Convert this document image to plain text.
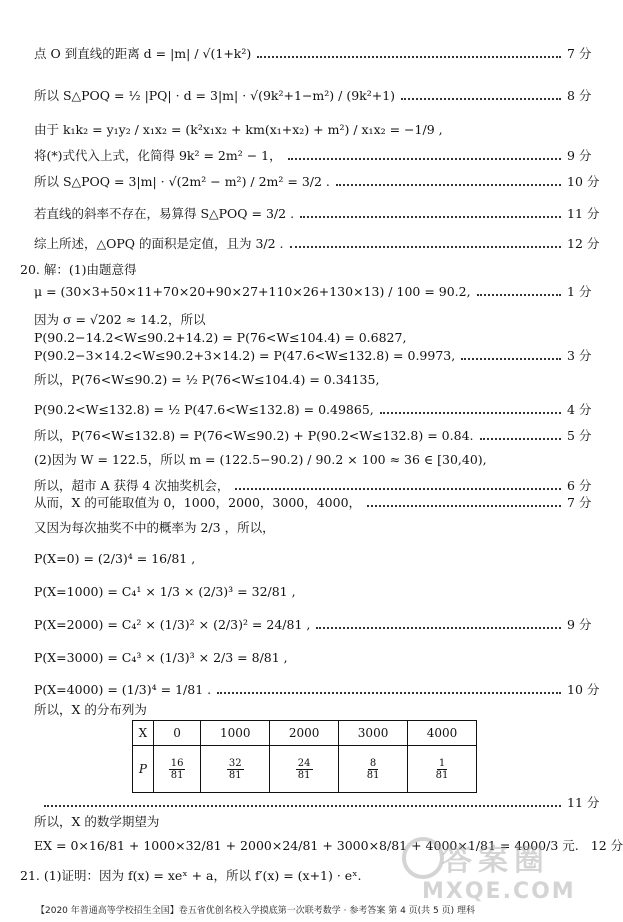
点 O 到直线的距离 d = |m| / √(1+k²)	7 分
所以 S△POQ = ½ |PQ| · d = 3|m| · √(9k²+1−m²) / (9k²+1)	8 分
由于 k₁k₂ = y₁y₂ / x₁x₂ = (k²x₁x₂ + km(x₁+x₂) + m²) / x₁x₂ = −1/9 ,
将(*)式代入上式，化简得 9k² = 2m² − 1，	9 分
所以 S△POQ = 3|m| · √(2m² − m²) / 2m² = 3/2 .	10 分
若直线的斜率不存在，易算得 S△POQ = 3/2 .	11 分
综上所述，△OPQ 的面积是定值，且为 3/2 .	12 分
20. 解：(1)由题意得
μ = (30×3+50×11+70×20+90×27+110×26+130×13) / 100 = 90.2,	1 分
因为 σ = √202 ≈ 14.2，所以
P(90.2−14.2<W≤90.2+14.2) = P(76<W≤104.4) = 0.6827,
P(90.2−3×14.2<W≤90.2+3×14.2) = P(47.6<W≤132.8) = 0.9973,	3 分
所以，P(76<W≤90.2) = ½ P(76<W≤104.4) = 0.34135,
P(90.2<W≤132.8) = ½ P(47.6<W≤132.8) = 0.49865,	4 分
所以，P(76<W≤132.8) = P(76<W≤90.2) + P(90.2<W≤132.8) = 0.84.	5 分
(2)因为 W = 122.5，所以 m = (122.5−90.2) / 90.2 × 100 ≈ 36 ∈ [30,40),
所以，超市 A 获得 4 次抽奖机会，	6 分
从而，X 的可能取值为 0，1000，2000，3000，4000，	7 分
又因为每次抽奖不中的概率为 2/3 ，所以，
P(X=0) = (2/3)⁴ = 16/81 ,
P(X=1000) = C₄¹ × 1/3 × (2/3)³ = 32/81 ,
P(X=2000) = C₄² × (1/3)² × (2/3)² = 24/81 ,	9 分
P(X=3000) = C₄³ × (1/3)³ × 2/3 = 8/81 ,
P(X=4000) = (1/3)⁴ = 1/81 .	10 分
所以，X 的分布列为
X	0	1000	2000	3000	4000
P	$\frac{16}{81}$	$\frac{32}{81}$	$\frac{24}{81}$	$\frac{8}{81}$	$\frac{1}{81}$
11 分
所以，X 的数学期望为
EX = 0×16/81 + 1000×32/81 + 2000×24/81 + 3000×8/81 + 4000×1/81 = 4000/3 元. 12 分
21. (1)证明：因为 f(x) = xeˣ + a，所以 f′(x) = (x+1) · eˣ.
【2020 年普通高等学校招生全国】卷五省优创名校入学摸底第一次联考数学 · 参考答案 第 4 页(共 5 页) 理科
答案圈
MXQE.COM
